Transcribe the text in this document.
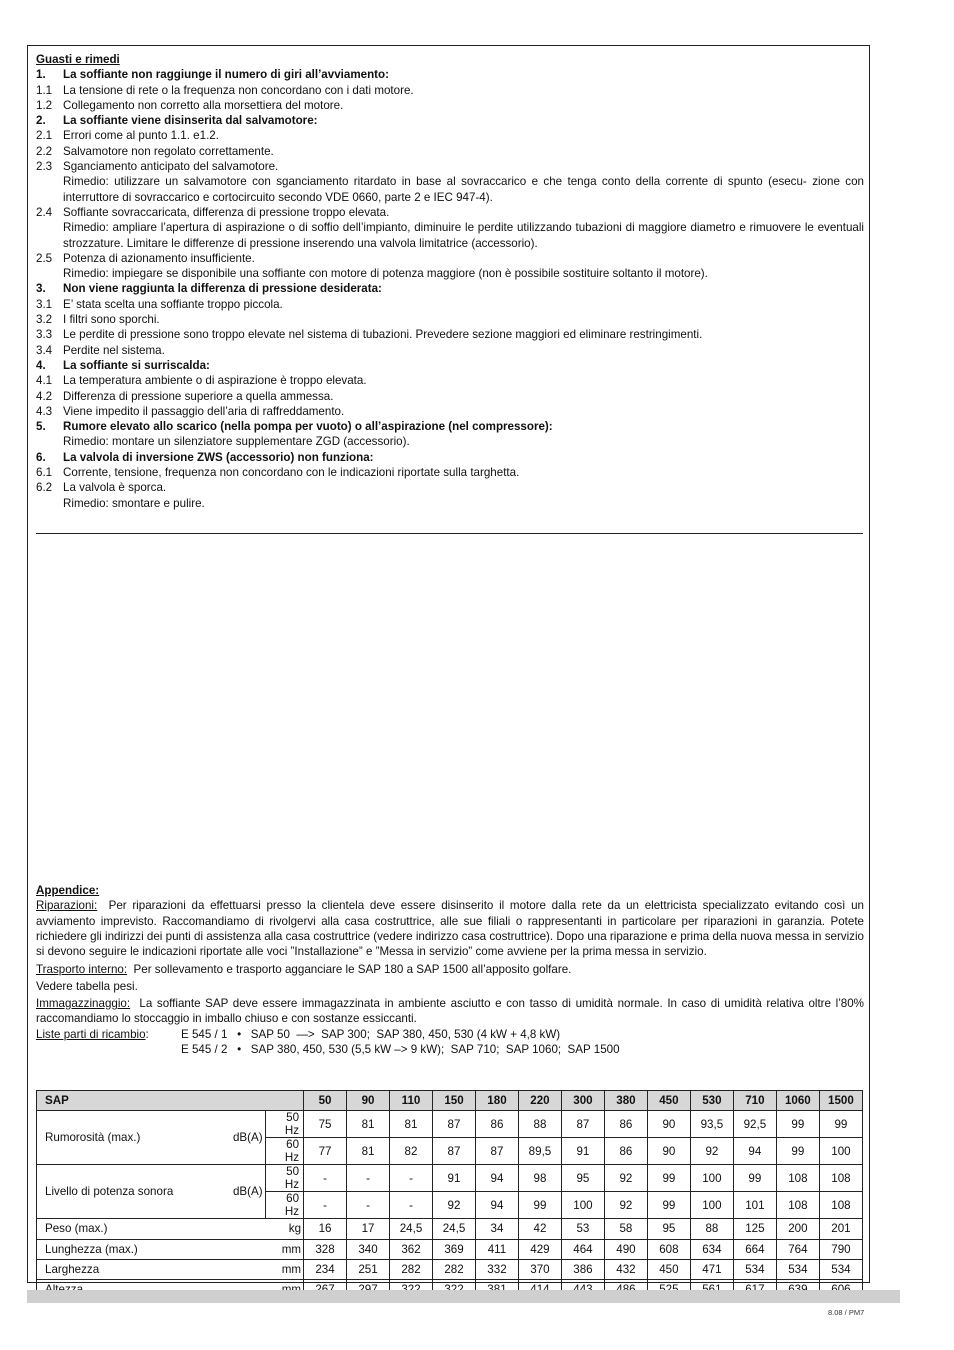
Guasti e rimedi
1.	La soffiante non raggiunge il numero di giri all’avviamento:
1.1 La tensione di rete o la frequenza non concordano con i dati motore.
1.2 Collegamento non corretto alla morsettiera del motore.
2.	La soffiante viene disinserita dal salvamotore:
2.1 Errori come al punto 1.1. e1.2.
2.2 Salvamotore non regolato correttamente.
2.3 Sganciamento anticipato del salvamotore.
Rimedio: utilizzare un salvamotore con sganciamento ritardato in base al sovraccarico e che tenga conto della corrente di spunto (esecu- zione con interruttore di sovraccarico e cortocircuito secondo VDE 0660, parte 2 e IEC 947-4).
2.4 Soffiante sovraccaricata, differenza di pressione troppo elevata.
Rimedio: ampliare l’apertura di aspirazione o di soffio dell’impianto, diminuire le perdite utilizzando tubazioni di maggiore diametro e rimuovere le eventuali strozzature. Limitare le differenze di pressione inserendo una valvola limitatrice (accessorio).
2.5 Potenza di azionamento insufficiente.
Rimedio: impiegare se disponibile una soffiante con motore di potenza maggiore (non è possibile sostituire soltanto il motore).
3.	Non viene raggiunta la differenza di pressione desiderata:
3.1 E’ stata scelta una soffiante troppo piccola.
3.2 I filtri sono sporchi.
3.3 Le perdite di pressione sono troppo elevate nel sistema di tubazioni. Prevedere sezione maggiori ed eliminare restringimenti.
3.4 Perdite nel sistema.
4.	La soffiante si surriscalda:
4.1 La temperatura ambiente o di aspirazione è troppo elevata.
4.2 Differenza di pressione superiore a quella ammessa.
4.3 Viene impedito il passaggio dell’aria di raffreddamento.
5.	Rumore elevato allo scarico (nella pompa per vuoto) o all’aspirazione (nel compressore):
Rimedio: montare un silenziatore supplementare ZGD (accessorio).
6.	La valvola di inversione ZWS (accessorio) non funziona:
6.1 Corrente, tensione, frequenza non concordano con le indicazioni riportate sulla targhetta.
6.2 La valvola è sporca.
Rimedio: smontare e pulire.

Appendice:

Riparazioni: Per riparazioni da effettuarsi presso la clientela deve essere disinserito il motore dalla rete da un elettricista specializzato evitando così un avviamento imprevisto. Raccomandiamo di rivolgervi alla casa costruttrice, alle sue filiali o rappresentanti in particolare per riparazioni in garanzia. Potete richiedere gli indirizzi dei punti di assistenza alla casa costruttrice (vedere indirizzo casa costruttrice). Dopo una riparazione e prima della nuova messa in servizio si devono seguire le indicazioni riportate alle voci ”Installazione” e ”Messa in servizio” come avviene per la prima messa in servizio.

Trasporto interno: Per sollevamento e trasporto agganciare le SAP 180 a SAP 1500 all’apposito golfare.

Vedere tabella pesi.

Immagazzinaggio: La soffiante SAP deve essere immagazzinata in ambiente asciutto e con tasso di umidità normale. In caso di umidità relativa oltre l’80% raccomandiamo lo stoccaggio in imballo chiuso e con sostanze essiccanti.

Liste parti di ricambio:	E 545 / 1   •   SAP 50  —>  SAP 300;  SAP 380, 450, 530 (4 kW + 4,8 kW)
E 545 / 2   •   SAP 380, 450, 530 (5,5 kW –> 9 kW);  SAP 710;  SAP 1060;  SAP 1500
SAP			50	90	110	150	180	220	300	380	450	530	710	1060	1500
Rumorosità (max.)	dB(A)	50 Hz	75	81	81	87	86	88	87	86	90	93,5	92,5	99	99
		60 Hz	77	81	82	87	87	89,5	91	86	90	92	94	99	100
Livello di potenza sonora	dB(A)	50 Hz	-	-	-	91	94	98	95	92	99	100	99	108	108
		60 Hz	-	-	-	92	94	99	100	92	99	100	101	108	108
Peso (max.)		kg	16	17	24,5	24,5	34	42	53	58	95	88	125	200	201
Lunghezza (max.)		mm	328	340	362	369	411	429	464	490	608	634	664	764	790
Larghezza		mm	234	251	282	282	332	370	386	432	450	471	534	534	534

8.08 / PM7
